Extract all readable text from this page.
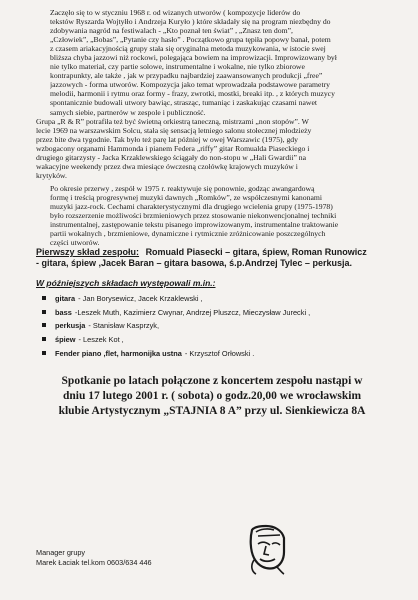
Zaczęło się to w styczniu 1968 r. od wizanych utworów ( kompozycje liderów do
tekstów Ryszarda Wojtyłło i Andrzeja Kuryło ) które składały się na program niezbędny do
zdobywania nagród na festiwalach - „Kto poznał ten świat” , „Znasz ten dom”,
„Człowiek”, „Bobas”, „Pytanie czy hasło” . Początkowo grupa tępiła popowy banał, potem
z czasem ariakacyjnością grupy stała się oryginalna metoda muzykowania, w istocie swej
bliższa chyba jazzowi niż rockowi, polegająca bowiem na improwizacji. Improwizowany był
nie tylko materiał, czy partie solowe, instrumentalne i wokalne, nie tylko zbiorowe
kontrapunkty, ale także , jak w przypadku najbardziej zaawansowanych produkcji „free”
jazzowych - forma utworów. Kompozycja jako temat wprowadzała podstawowe parametry
melodii, harmonii i rytmu oraz formy - frazy, zwrotki, mostki, breaki itp. , z których muzycy
spontanicznie budowali utwory bawiąc, strasząc, tumaniąc i zaskakując czasami nawet
samych siebie, partnerów w zespole i publiczność.
Grupa „R & R” potrafiła też być świetną orkiestrą taneczną, mistrzami „non stopów”. W
lecie 1969 na warszawskim Solcu, stała się sensacją letniego salonu stołecznej młodzieży
przez bite dwa tygodnie. Tak było też parę lat później w owej Warszawic (1975), gdy
wzbogacony organami Hammonda i pianem Federa „riffy” gitar Romualda Piaseckiego i
drugiego gitarzysty - Jacka Krzaklewskiego ściągały do non-stopu w „Hali Gwardii” na
wakacyjne weekendy przez dwa miesiące ówczesną czołówkę krajowych muzyków i
krytyków.
Po okresie przerwy , zespół w 1975 r. reaktywuje się ponownie, godząc awangardową
formę i treścią progresywnej muzyki dawnych „Romków”, ze współczesnymi kanonami
muzyki jazz-rock. Cechami charakterystycznymi dla drugiego wcielenia grupy (1975-1978)
było rozszerzenie możliwości brzmieniowych przez stosowanie niekonwencjonalnej techniki
instrumentalnej, zastępowanie tekstu pisanego improwizowanym, instrumentalne traktowanie
partii wokalnych , brzmieniowe, dynamiczne i rytmicznie zróżnicowanie poszczególnych
części utworów.
Pierwszy skład zespołu: Romuald Piasecki – gitara, śpiew, Roman Runowicz
- gitara, śpiew ,Jacek Baran – gitara basowa, ś.p.Andrzej Tylec – perkusja.
W późniejszych składach występowali m.in.:
gitara - Jan Borysewicz, Jacek Krzaklewski ,
bass -Leszek Muth, Kazimierz Cwynar, Andrzej Pluszcz, Mieczysław Jurecki ,
perkusja - Stanisław Kasprzyk,
śpiew - Leszek Kot ,
Fender piano ,flet, harmonijka ustna - Krzysztof Orłowski .
Spotkanie po latach połączone z koncertem zespołu nastąpi w
dniu 17 lutego 2001 r. ( sobota) o godz.20,00 we wrocławskim
klubie Artystycznym „STAJNIA 8 A” przy ul. Sienkiewicza 8A
Manager grupy
Marek Łaciak tel.kom 0603/634 446
